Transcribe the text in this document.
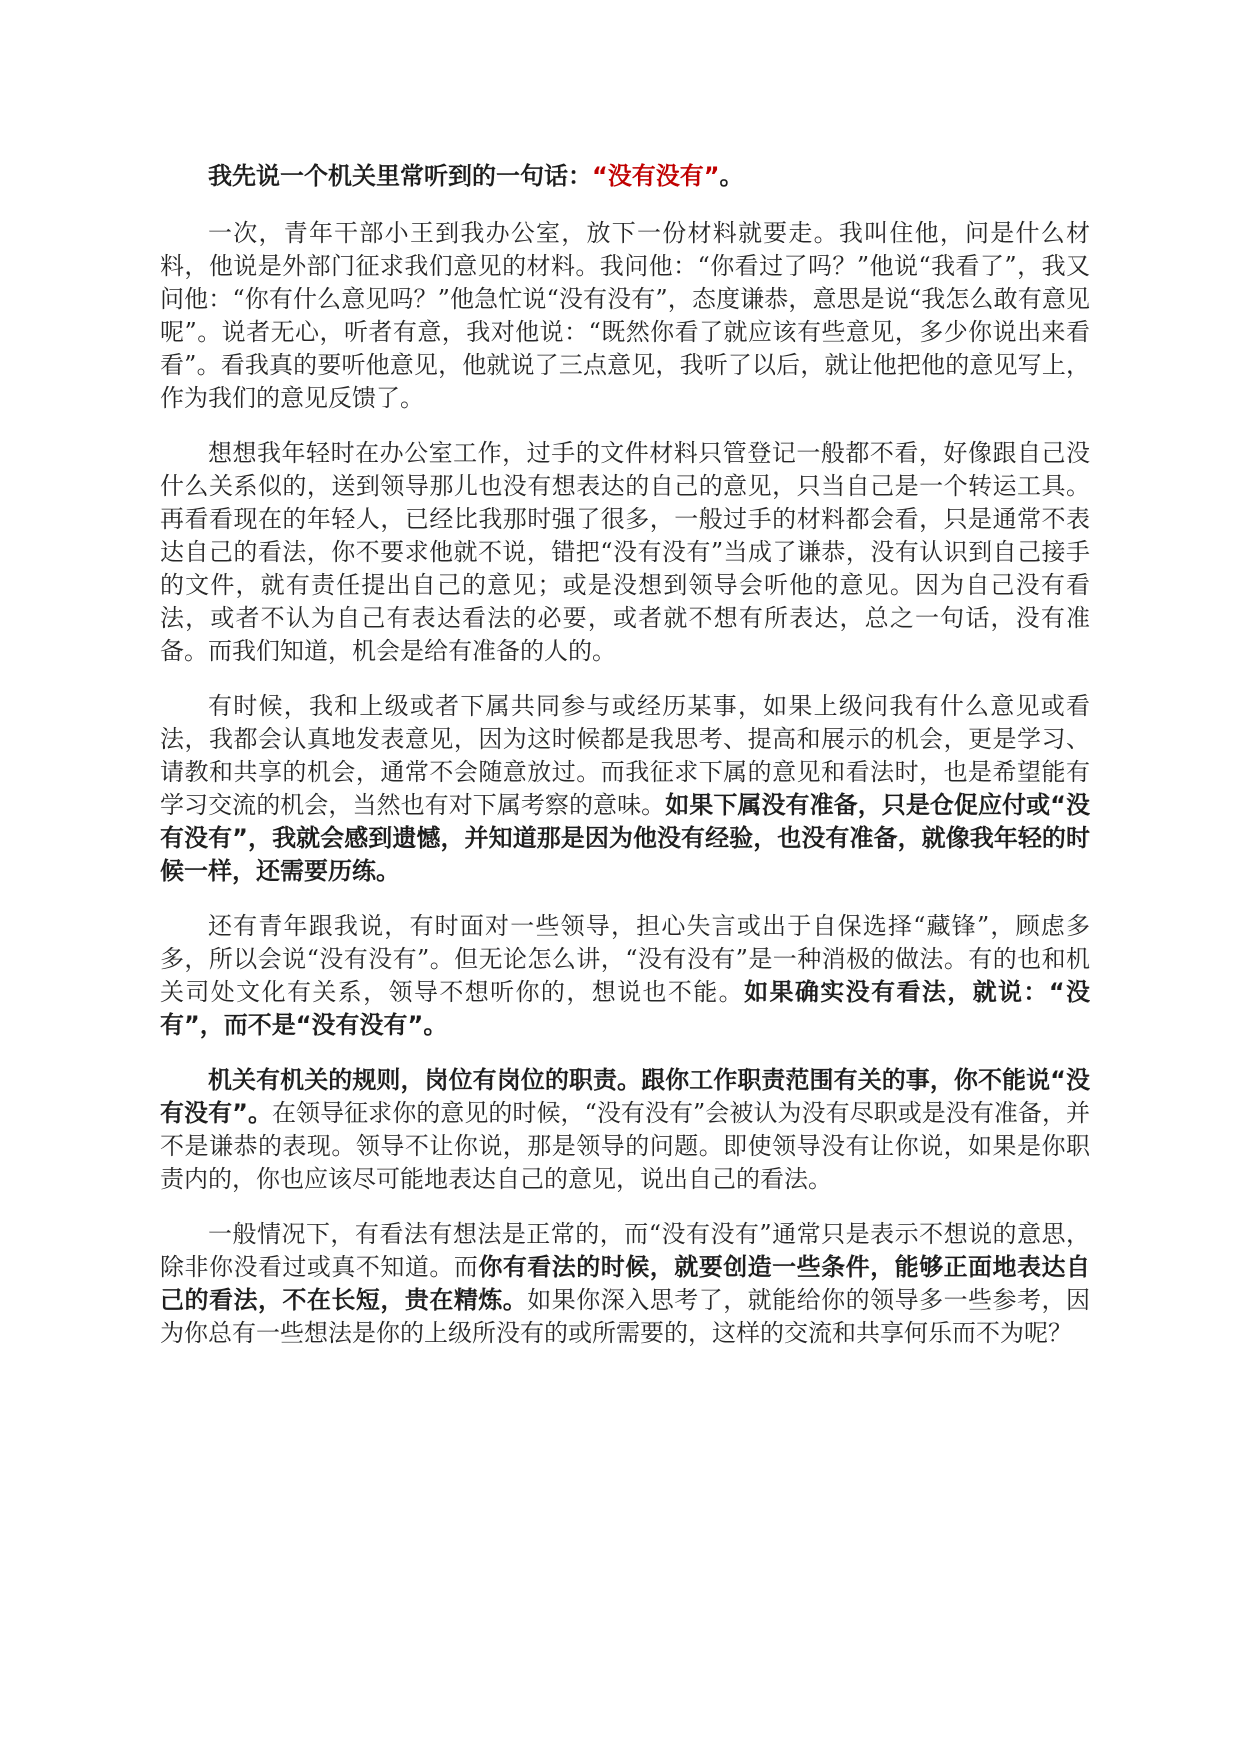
我先说一个机关里常听到的一句话：“没有没有”。

一次，青年干部小王到我办公室，放下一份材料就要走。我叫住他，问是什么材料，他说是外部门征求我们意见的材料。我问他：“你看过了吗？”他说“我看了”，我又问他：“你有什么意见吗？”他急忙说“没有没有”，态度谦恭，意思是说“我怎么敢有意见呢”。说者无心，听者有意，我对他说：“既然你看了就应该有些意见，多少你说出来看看”。看我真的要听他意见，他就说了三点意见，我听了以后，就让他把他的意见写上，作为我们的意见反馈了。

想想我年轻时在办公室工作，过手的文件材料只管登记一般都不看，好像跟自己没什么关系似的，送到领导那儿也没有想表达的自己的意见，只当自己是一个转运工具。再看看现在的年轻人，已经比我那时强了很多，一般过手的材料都会看，只是通常不表达自己的看法，你不要求他就不说，错把“没有没有”当成了谦恭，没有认识到自己接手的文件，就有责任提出自己的意见；或是没想到领导会听他的意见。因为自己没有看法，或者不认为自己有表达看法的必要，或者就不想有所表达，总之一句话，没有准备。而我们知道，机会是给有准备的人的。

有时候，我和上级或者下属共同参与或经历某事，如果上级问我有什么意见或看法，我都会认真地发表意见，因为这时候都是我思考、提高和展示的机会，更是学习、请教和共享的机会，通常不会随意放过。而我征求下属的意见和看法时，也是希望能有学习交流的机会，当然也有对下属考察的意味。如果下属没有准备，只是仓促应付或“没有没有”，我就会感到遗憾，并知道那是因为他没有经验，也没有准备，就像我年轻的时候一样，还需要历练。

还有青年跟我说，有时面对一些领导，担心失言或出于自保选择“藏锋”，顾虑多多，所以会说“没有没有”。但无论怎么讲，“没有没有”是一种消极的做法。有的也和机关司处文化有关系，领导不想听你的，想说也不能。如果确实没有看法，就说：“没有”，而不是“没有没有”。

机关有机关的规则，岗位有岗位的职责。跟你工作职责范围有关的事，你不能说“没有没有”。在领导征求你的意见的时候，“没有没有”会被认为没有尽职或是没有准备，并不是谦恭的表现。领导不让你说，那是领导的问题。即使领导没有让你说，如果是你职责内的，你也应该尽可能地表达自己的意见，说出自己的看法。

一般情况下，有看法有想法是正常的，而“没有没有”通常只是表示不想说的意思，除非你没看过或真不知道。而你有看法的时候，就要创造一些条件，能够正面地表达自己的看法，不在长短，贵在精炼。如果你深入思考了，就能给你的领导多一些参考，因为你总有一些想法是你的上级所没有的或所需要的，这样的交流和共享何乐而不为呢？
